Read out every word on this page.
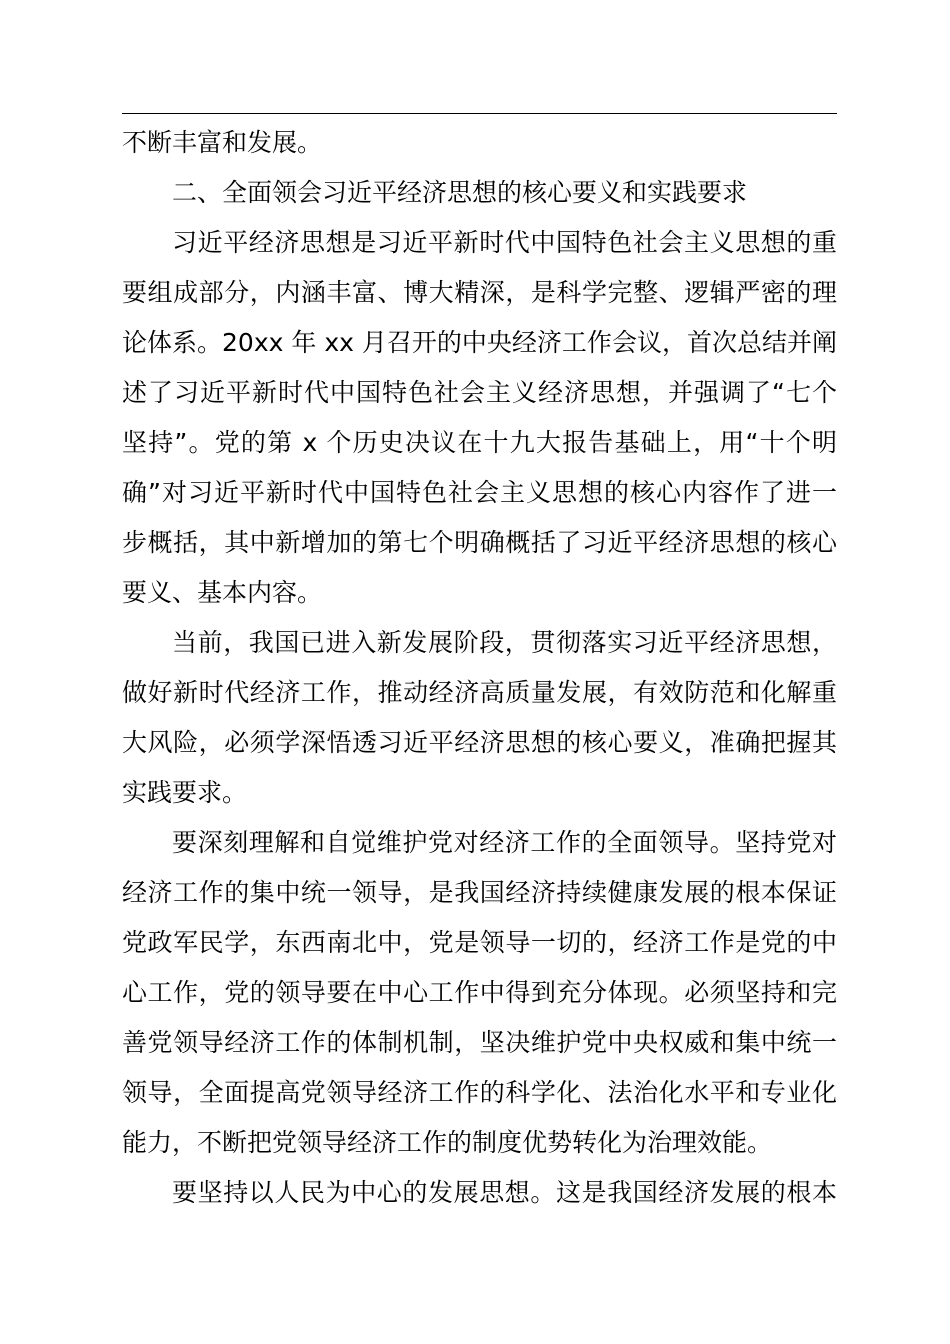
不断丰富和发展。
二、全面领会习近平经济思想的核心要义和实践要求
习近平经济思想是习近平新时代中国特色社会主义思想的重
要组成部分，内涵丰富、博大精深，是科学完整、逻辑严密的理
论体系。20xx 年 xx 月召开的中央经济工作会议，首次总结并阐
述了习近平新时代中国特色社会主义经济思想，并强调了“七个
坚持”。党的第 x 个历史决议在十九大报告基础上，用“十个明
确”对习近平新时代中国特色社会主义思想的核心内容作了进一
步概括，其中新增加的第七个明确概括了习近平经济思想的核心
要义、基本内容。
当前，我国已进入新发展阶段，贯彻落实习近平经济思想，
做好新时代经济工作，推动经济高质量发展，有效防范和化解重
大风险，必须学深悟透习近平经济思想的核心要义，准确把握其
实践要求。
要深刻理解和自觉维护党对经济工作的全面领导。坚持党对
经济工作的集中统一领导，是我国经济持续健康发展的根本保证
党政军民学，东西南北中，党是领导一切的，经济工作是党的中
心工作，党的领导要在中心工作中得到充分体现。必须坚持和完
善党领导经济工作的体制机制，坚决维护党中央权威和集中统一
领导，全面提高党领导经济工作的科学化、法治化水平和专业化
能力，不断把党领导经济工作的制度优势转化为治理效能。
要坚持以人民为中心的发展思想。这是我国经济发展的根本
